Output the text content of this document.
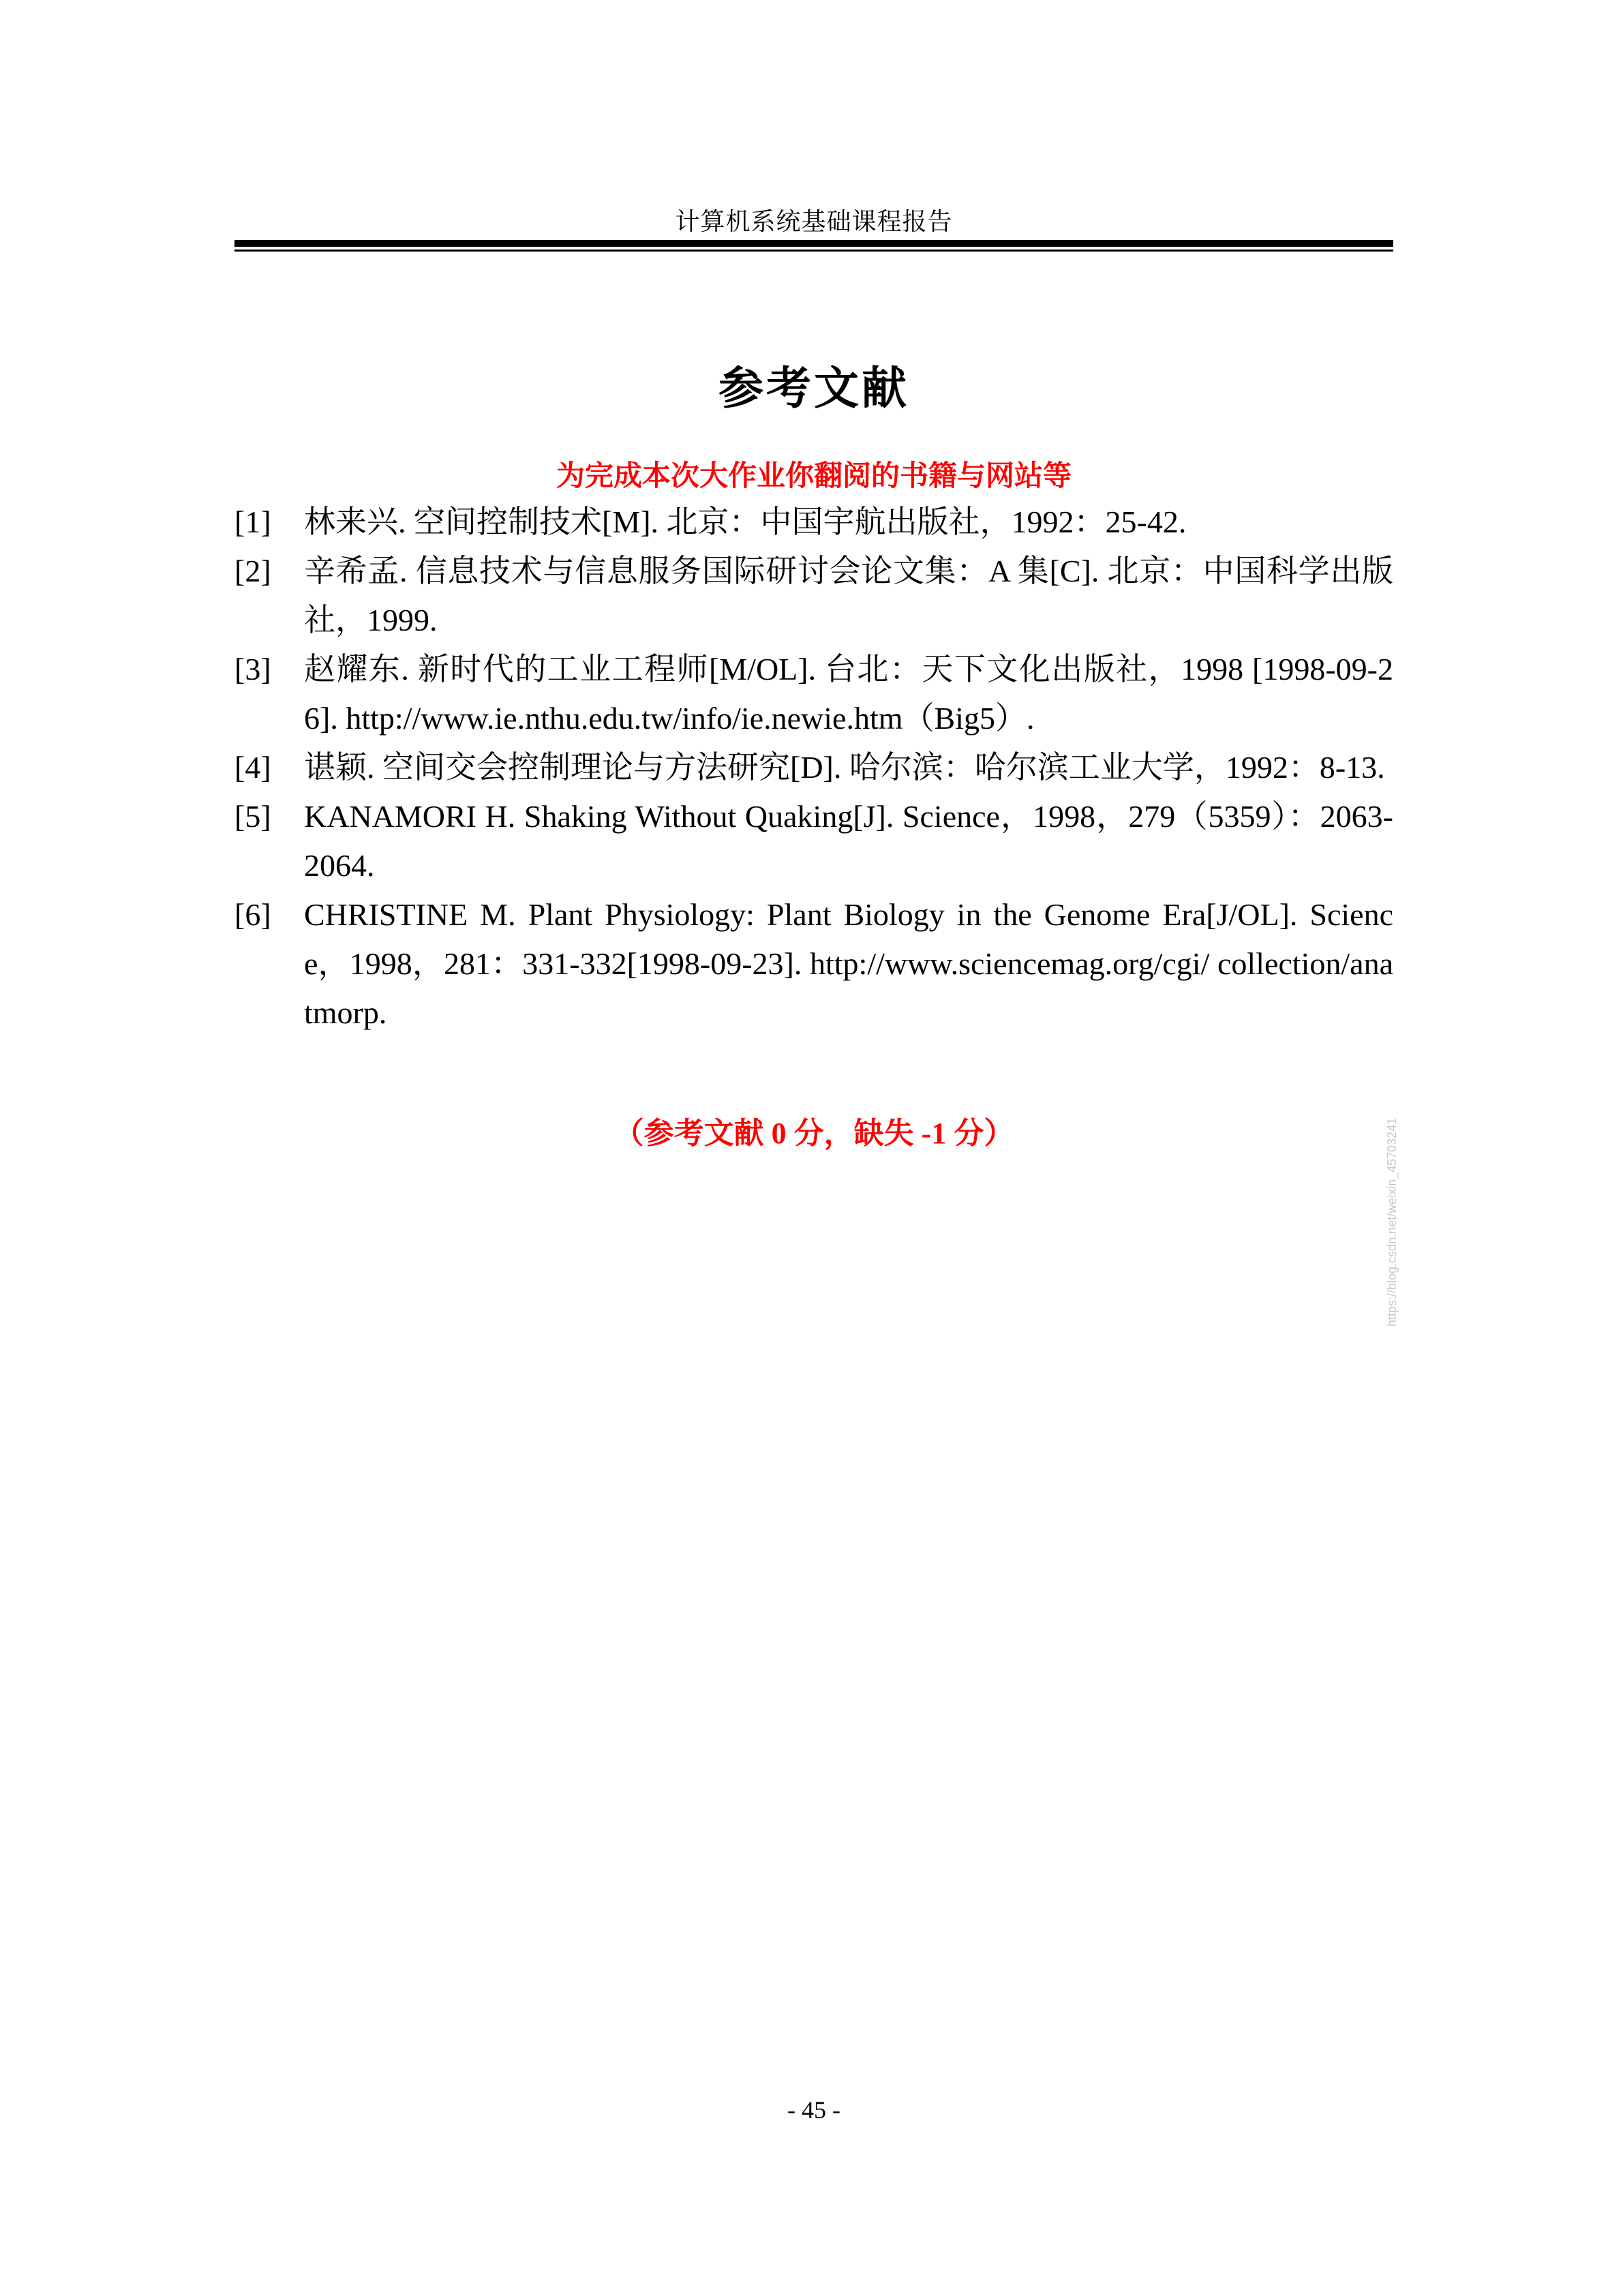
计算机系统基础课程报告
参考文献
为完成本次大作业你翻阅的书籍与网站等
[1]	林来兴. 空间控制技术[M]. 北京：中国宇航出版社，1992：25-42.
[2]	辛希孟. 信息技术与信息服务国际研讨会论文集：A 集[C]. 北京：中国科学出版社，1999.
[3]	赵耀东. 新时代的工业工程师[M/OL]. 台北：天下文化出版社，1998 [1998-09-26]. http://www.ie.nthu.edu.tw/info/ie.newie.htm（Big5）.
[4]	谌颖. 空间交会控制理论与方法研究[D]. 哈尔滨：哈尔滨工业大学，1992：8-13.
[5]	KANAMORI H. Shaking Without Quaking[J]. Science，1998，279（5359）：2063-2064.
[6]	CHRISTINE M. Plant Physiology: Plant Biology in the Genome Era[J/OL]. Science，1998，281：331-332[1998-09-23]. http://www.sciencemag.org/cgi/ collection/anatmorp.
（参考文献 0 分，缺失 -1 分）
- 45 -
https://blog.csdn.net/weixin_45703241
